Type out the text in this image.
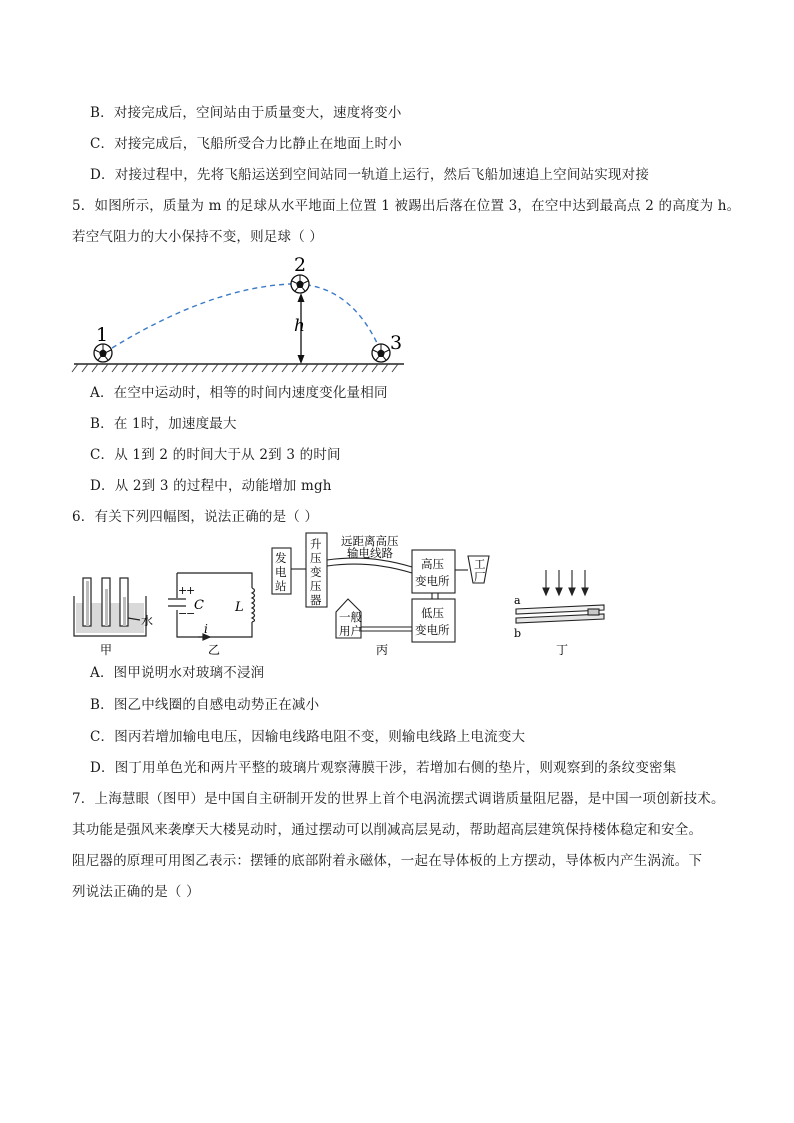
B．对接完成后，空间站由于质量变大，速度将变小
C．对接完成后，飞船所受合力比静止在地面上时小
D．对接过程中，先将飞船运送到空间站同一轨道上运行，然后飞船加速追上空间站实现对接
5．如图所示，质量为 m 的足球从水平地面上位置 1 被踢出后落在位置 3，在空中达到最高点 2 的高度为 h。
若空气阻力的大小保持不变，则足球（ ）
1
2
3
h
A．在空中运动时，相等的时间内速度变化量相同
B．在 1时，加速度最大
C．从 1到 2 的时间大于从 2到 3 的时间
D．从 2到 3 的过程中，动能增加 mgh
6．有关下列四幅图，说法正确的是（ ）
水
甲
+
+
−
−
C L
i
乙
发
电
站
升
压
变
压
器
远距离高压
输电线路
高压
变电所
工
厂
一般
用户
低压
变电所
丙
a
b
丁
A．图甲说明水对玻璃不浸润
B．图乙中线圈的自感电动势正在减小
C．图丙若增加输电电压，因输电线路电阻不变，则输电线路上电流变大
D．图丁用单色光和两片平整的玻璃片观察薄膜干涉，若增加右侧的垫片，则观察到的条纹变密集
7．上海慧眼（图甲）是中国自主研制开发的世界上首个电涡流摆式调谐质量阻尼器，是中国一项创新技术。
其功能是强风来袭摩天大楼晃动时，通过摆动可以削减高层晃动，帮助超高层建筑保持楼体稳定和安全。
阻尼器的原理可用图乙表示：摆锤的底部附着永磁体，一起在导体板的上方摆动，导体板内产生涡流。下
列说法正确的是（ ）
